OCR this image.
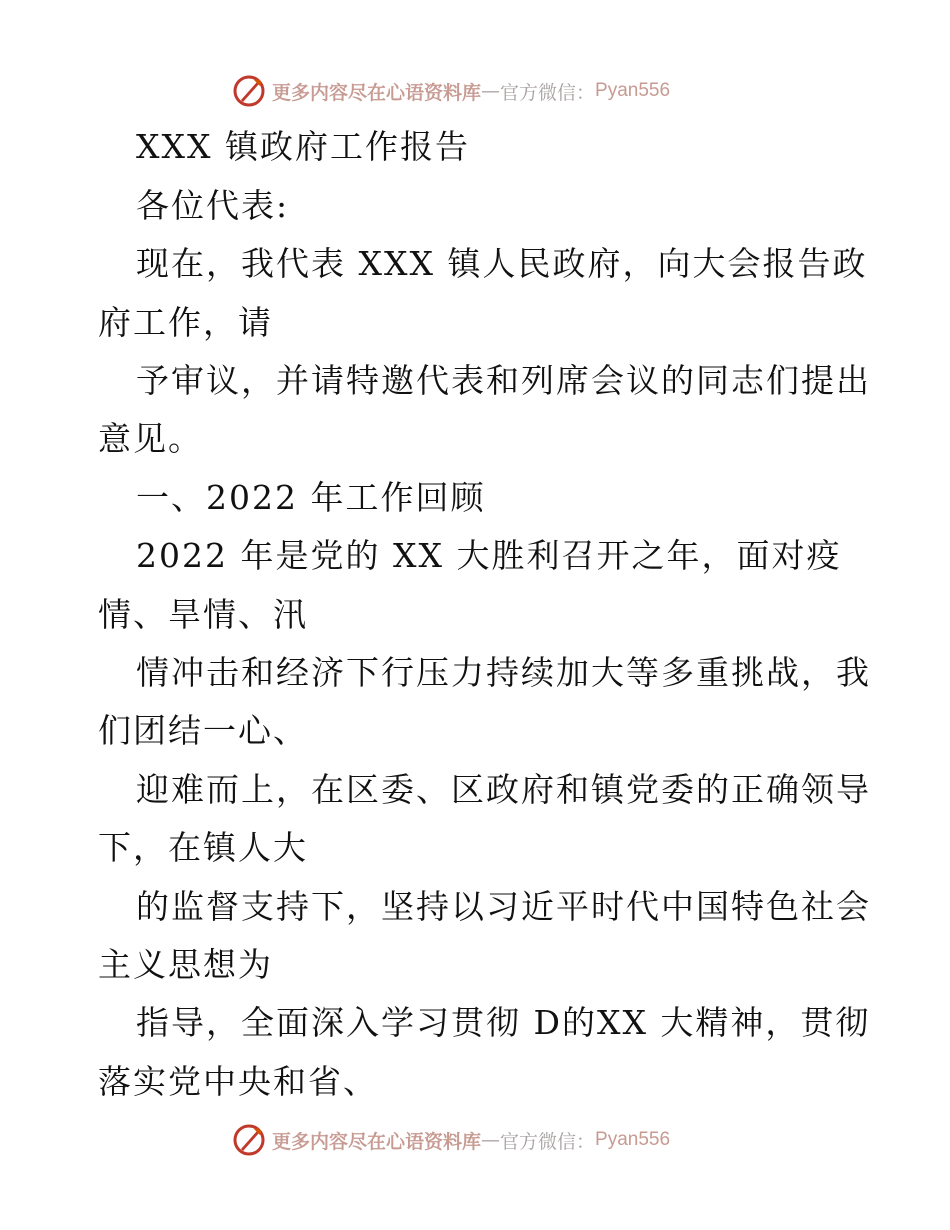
更多内容尽在心语资料库 — 官方微信： Pyan556
XXX 镇政府工作报告
各位代表:
现在，我代表 XXX 镇人民政府，向大会报告政
府工作，请
予审议，并请特邀代表和列席会议的同志们提出
意见。
一、2022 年工作回顾
2022 年是党的 XX 大胜利召开之年，面对疫
情、旱情、汛
情冲击和经济下行压力持续加大等多重挑战，我
们团结一心、
迎难而上，在区委、区政府和镇党委的正确领导
下，在镇人大
的监督支持下，坚持以习近平时代中国特色社会
主义思想为
指导，全面深入学习贯彻 D的XX 大精神，贯彻
落实党中央和省、
更多内容尽在心语资料库 — 官方微信： Pyan556
